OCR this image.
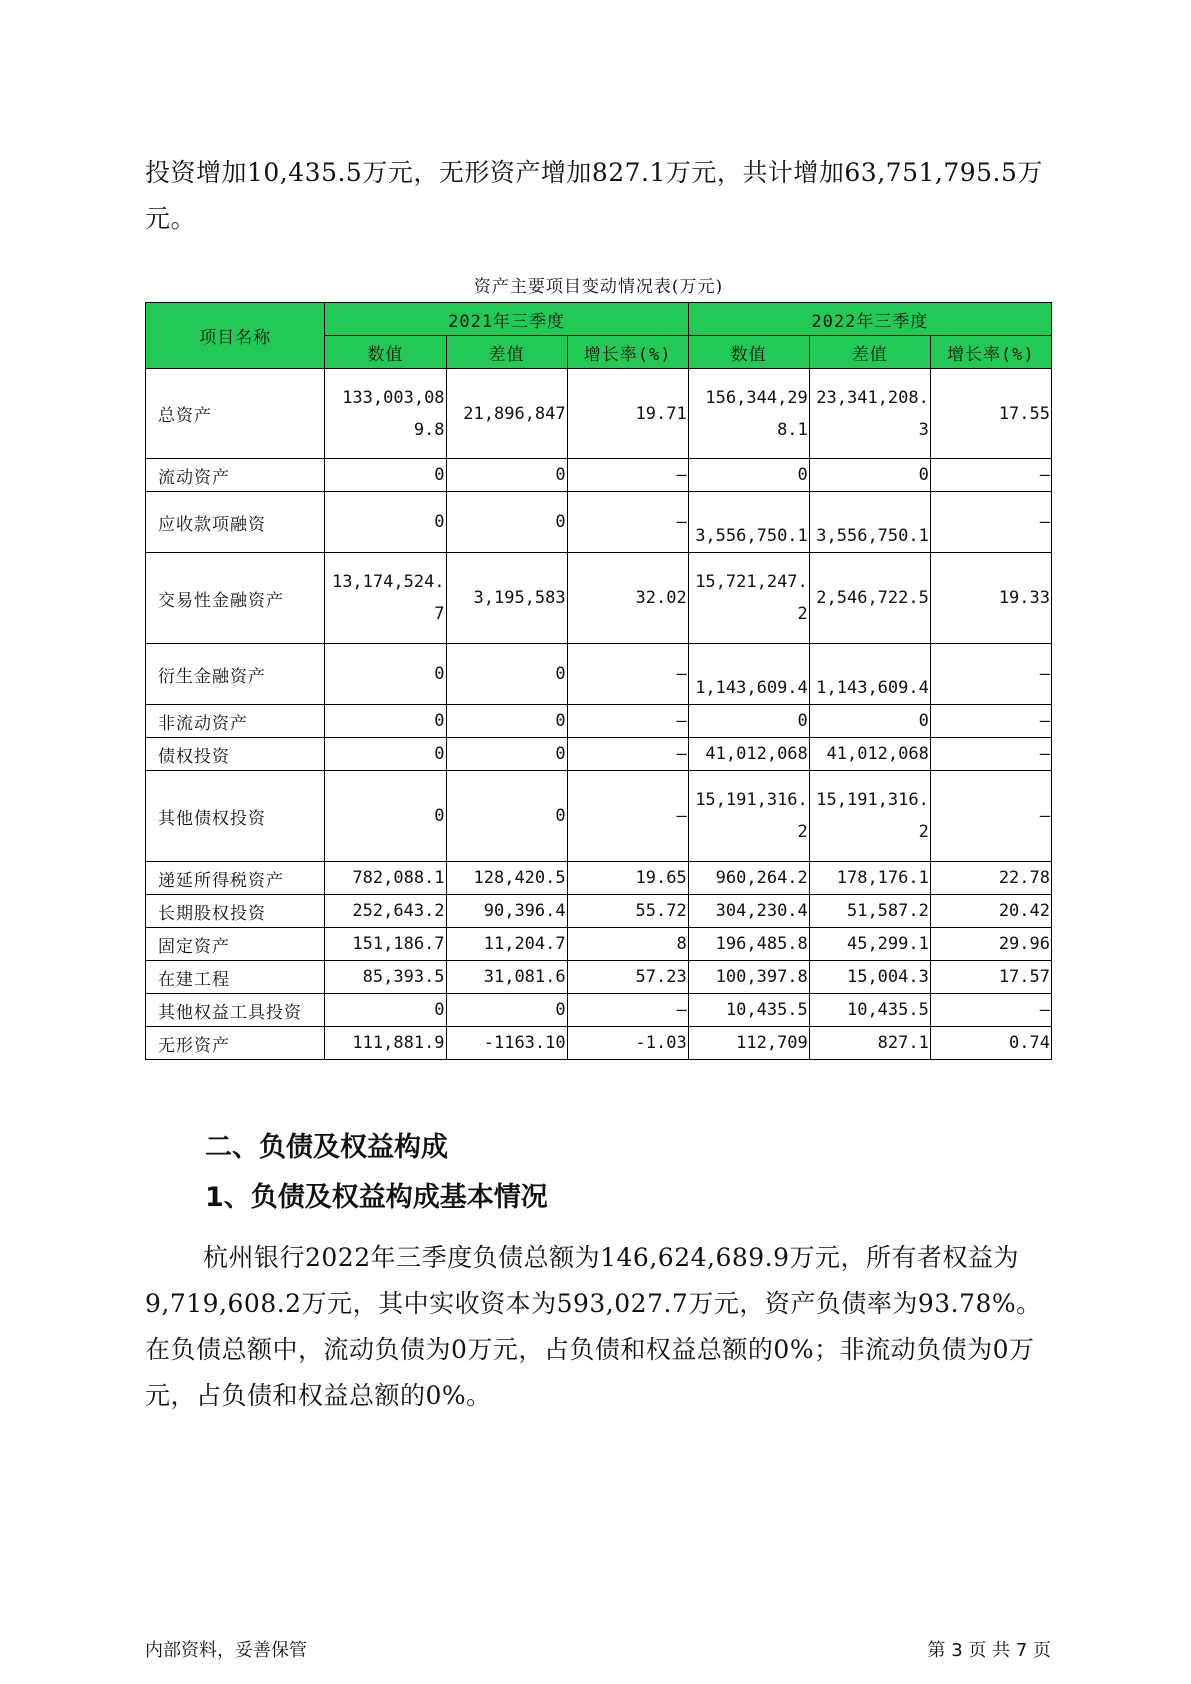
投资增加10,435.5万元，无形资产增加827.1万元，共计增加63,751,795.5万元。

资产主要项目变动情况表(万元)
项目名称	2021年三季度			2022年三季度		
	数值	差值	增长率(%)	数值	差值	增长率(%)
总资产	133,003,089.8	21,896,847	19.71	156,344,298.1	23,341,208.3	17.55
流动资产	0	0	–	0	0	–
应收款项融资	0	0	–	3,556,750.1	3,556,750.1	–
交易性金融资产	13,174,524.7	3,195,583	32.02	15,721,247.2	2,546,722.5	19.33
衍生金融资产	0	0	–	1,143,609.4	1,143,609.4	–
非流动资产	0	0	–	0	0	–
债权投资	0	0	–	41,012,068	41,012,068	–
其他债权投资	0	0	–	15,191,316.2	15,191,316.2	–
递延所得税资产	782,088.1	128,420.5	19.65	960,264.2	178,176.1	22.78
长期股权投资	252,643.2	90,396.4	55.72	304,230.4	51,587.2	20.42
固定资产	151,186.7	11,204.7	8	196,485.8	45,299.1	29.96
在建工程	85,393.5	31,081.6	57.23	100,397.8	15,004.3	17.57
其他权益工具投资	0	0	–	10,435.5	10,435.5	–
无形资产	111,881.9	-1163.10	-1.03	112,709	827.1	0.74
二、负债及权益构成
1、负债及权益构成基本情况

杭州银行2022年三季度负债总额为146,624,689.9万元，所有者权益为9,719,608.2万元，其中实收资本为593,027.7万元，资产负债率为93.78%。在负债总额中，流动负债为0万元，占负债和权益总额的0%；非流动负债为0万元，占负债和权益总额的0%。

内部资料，妥善保管	第 3 页 共 7 页
